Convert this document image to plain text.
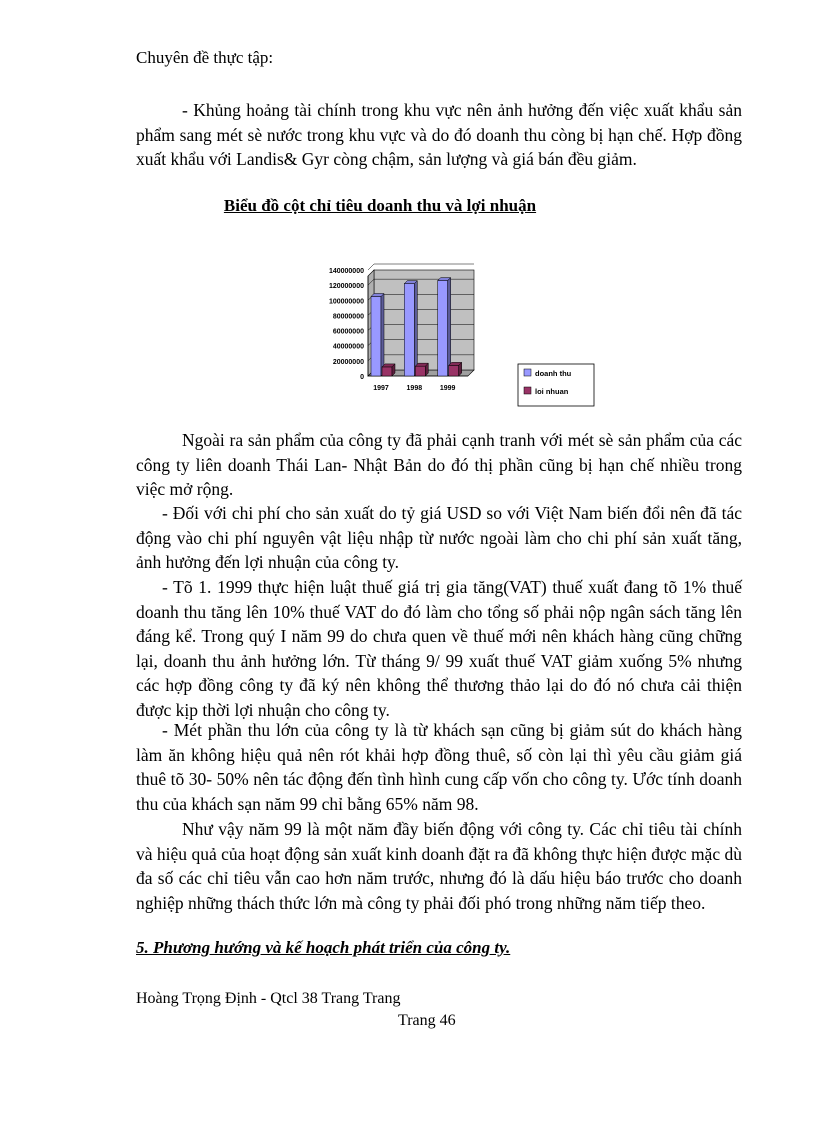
Chuyên đề thực tập:

- Khủng hoảng tài chính trong khu vực nên ảnh hưởng đến việc xuất khẩu sản phẩm sang mét sè nước trong khu vực và do đó doanh thu còng bị hạn chế. Hợp đồng xuất khẩu với Landis& Gyr còng chậm, sản lượng và giá bán đều giảm.

Biểu đồ cột chỉ tiêu doanh thu và lợi nhuận
0
20000000
40000000
60000000
80000000
100000000
120000000
140000000
1997	1998	1999
doanh thu
loi nhuan

Ngoài ra sản phẩm của công ty đã phải cạnh tranh với mét sè sản phẩm của các công ty liên doanh Thái Lan- Nhật Bản do đó thị phần cũng bị hạn chế nhiều trong việc mở rộng.

- Đối với chi phí cho sản xuất do tỷ giá USD so với Việt Nam biến đổi nên đã tác động vào chi phí nguyên vật liệu nhập từ nước ngoài làm cho chi phí sản xuất tăng, ảnh hưởng đến lợi nhuận của công ty.

- Tõ 1. 1999 thực hiện luật thuế giá trị gia tăng(VAT) thuế xuất đang tõ 1% thuế doanh thu tăng lên 10% thuế VAT do đó làm cho tổng số phải nộp ngân sách tăng lên đáng kể. Trong quý I năm 99 do chưa quen về thuế mới nên khách hàng cũng chững lại, doanh thu ảnh hưởng lớn. Từ tháng 9/ 99 xuất thuế VAT giảm xuống 5% nhưng các hợp đồng công ty đã ký nên không thể thương thảo lại do đó nó chưa cải thiện được kịp thời lợi nhuận cho công ty.

- Mét phần thu lớn của công ty là từ khách sạn cũng bị giảm sút do khách hàng làm ăn không hiệu quả nên rót khải hợp đồng thuê, số còn lại thì yêu cầu giảm giá thuê tõ 30- 50% nên tác động đến tình hình cung cấp vốn cho công ty. Ước tính doanh thu của khách sạn năm 99 chỉ bằng 65% năm 98.

Như vậy năm 99 là một năm đầy biến động với công ty. Các chỉ tiêu tài chính và hiệu quả của hoạt động sản xuất kinh doanh đặt ra đã không thực hiện được mặc dù đa số các chỉ tiêu vẫn cao hơn năm trước, nhưng đó là dấu hiệu báo trước cho doanh nghiệp những thách thức lớn mà công ty phải đối phó trong những năm tiếp theo.

5. Phương hướng và kế hoạch phát triển của công ty.
Hoàng Trọng Định - Qtcl 38 Trang Trang
Trang 46
